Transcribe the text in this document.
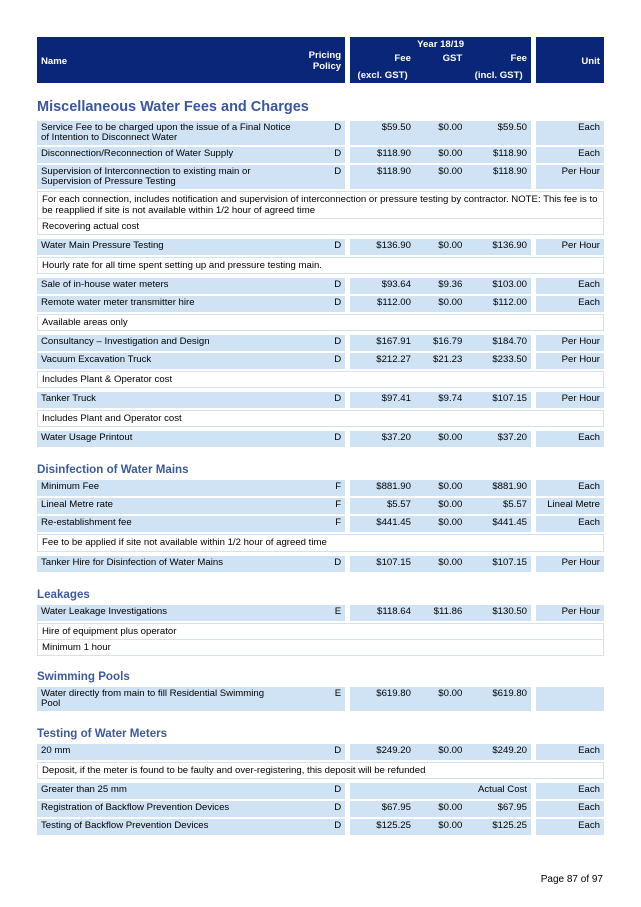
Name	Pricing Policy		Year 18/19				Unit
			Fee	GST	Fee		
			(excl. GST)		(incl. GST)		
Miscellaneous Water Fees and Charges							
Service Fee to be charged upon the issue of a Final Notice of Intention to Disconnect Water	D		$59.50	$0.00	$59.50		Each
Disconnection/Reconnection of Water Supply	D		$118.90	$0.00	$118.90		Each
Supervision of Interconnection to existing main or Supervision of Pressure Testing	D		$118.90	$0.00	$118.90		Per Hour
For each connection, includes notification and supervision of interconnection or pressure testing by contractor. NOTE: This fee is to be reapplied if site is not available within 1/2 hour of agreed time							
Recovering actual cost							

Water Main Pressure Testing	D		$136.90	$0.00	$136.90		Per Hour
Hourly rate for all time spent setting up and pressure testing main.							

Sale of in-house water meters	D		$93.64	$9.36	$103.00		Each
Remote water meter transmitter hire	D		$112.00	$0.00	$112.00		Each
Available areas only							

Consultancy – Investigation and Design	D		$167.91	$16.79	$184.70		Per Hour
Vacuum Excavation Truck	D		$212.27	$21.23	$233.50		Per Hour
Includes Plant & Operator cost							

Tanker Truck	D		$97.41	$9.74	$107.15		Per Hour
Includes Plant and Operator cost							

Water Usage Printout	D		$37.20	$0.00	$37.20		Each
Disinfection of Water Mains							
Minimum Fee	F		$881.90	$0.00	$881.90		Each
Lineal Metre rate	F		$5.57	$0.00	$5.57		Lineal Metre
Re-establishment fee	F		$441.45	$0.00	$441.45		Each
Fee to be applied if site not available within 1/2 hour of agreed time							

Tanker Hire for Disinfection of Water Mains	D		$107.15	$0.00	$107.15		Per Hour
Leakages							
Water Leakage Investigations	E		$118.64	$11.86	$130.50		Per Hour
Hire of equipment plus operator							
Minimum 1 hour							
Swimming Pools							
Water directly from main to fill Residential Swimming Pool	E		$619.80	$0.00	$619.80		
Testing of Water Meters							
20 mm	D		$249.20	$0.00	$249.20		Each
Deposit, if the meter is found to be faulty and over-registering, this deposit will be refunded							

Greater than 25 mm	D				Actual Cost		Each
Registration of Backflow Prevention Devices	D		$67.95	$0.00	$67.95		Each
Testing of Backflow Prevention Devices	D		$125.25	$0.00	$125.25		Each
Page 87 of 97
